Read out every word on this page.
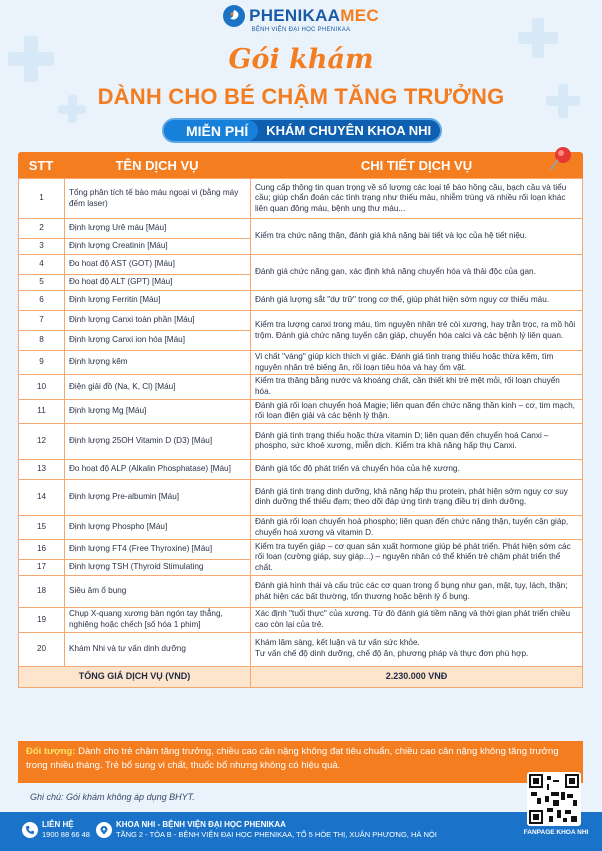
PHENIKAAMEC
BỆNH VIỆN ĐẠI HỌC PHENIKAA
Gói khám
DÀNH CHO BÉ CHẬM TĂNG TRƯỞNG
MIỄN PHÍ	KHÁM CHUYÊN KHOA NHI
STT	TÊN DỊCH VỤ	CHI TIẾT DỊCH VỤ
1	Tổng phân tích tế bào máu ngoại vi (bằng máy đếm laser)	Cung cấp thông tin quan trọng về số lượng các loại tế bào hồng cầu, bạch cầu và tiểu cầu; giúp chẩn đoán các tình trạng như thiếu máu, nhiễm trùng và nhiều rối loạn khác liên quan đông máu, bệnh ung thư máu...
2	Định lượng Urê máu [Máu]	Kiểm tra chức năng thận, đánh giá khả năng bài tiết và lọc của hệ tiết niệu.
3	Định lượng Creatinin [Máu]	
4	Đo hoạt độ AST (GOT) [Máu]	Đánh giá chức năng gan, xác định khả năng chuyển hóa và thải độc của gan.
5	Đo hoạt độ ALT (GPT) [Máu]	
6	Định lượng Ferritin [Máu]	Đánh giá lượng sắt "dự trữ" trong cơ thể, giúp phát hiện sớm nguy cơ thiếu máu.
7	Định lượng Canxi toàn phần [Máu]	Kiểm tra lượng canxi trong máu, tìm nguyên nhân trẻ còi xương, hay trằn trọc, ra mồ hôi trộm. Đánh giá chức năng tuyến cận giáp, chuyển hóa calci và các bệnh lý liên quan.
8	Định lượng Canxi ion hóa [Máu]	
9	Định lượng kẽm	Vi chất "vàng" giúp kích thích vị giác. Đánh giá tình trạng thiếu hoặc thừa kẽm, tìm nguyên nhân trẻ biếng ăn, rối loạn tiêu hóa và hay ốm vặt.
10	Điện giải đồ (Na, K, Cl) [Máu]	Kiểm tra thăng bằng nước và khoáng chất, cần thiết khi trẻ mệt mỏi, rối loạn chuyển hóa.
11	Định lượng Mg [Máu]	Đánh giá rối loạn chuyển hoá Magie; liên quan đến chức năng thần kinh – cơ, tim mạch, rối loạn điện giải và các bệnh lý thận.
12	Định lượng 25OH Vitamin D (D3) [Máu]	Đánh giá tình trạng thiếu hoặc thừa vitamin D; liên quan đến chuyển hoá Canxi – phospho, sức khoẻ xương, miễn dịch. Kiểm tra khả năng hấp thụ Canxi.
13	Đo hoạt độ ALP (Alkalin Phosphatase) [Máu]	Đánh giá tốc độ phát triển và chuyển hóa của hệ xương.
14	Định lượng Pre-albumin [Máu]	Đánh giá tình trạng dinh dưỡng, khả năng hấp thu protein, phát hiện sớm nguy cơ suy dinh dưỡng thể thiếu đạm; theo dõi đáp ứng tình trạng điều trị dinh dưỡng.
15	Định lượng Phospho [Máu]	Đánh giá rối loạn chuyển hoá phospho; liên quan đến chức năng thận, tuyến cận giáp, chuyển hoá xương và vitamin D.
16	Định lượng FT4 (Free Thyroxine) [Máu]	Kiểm tra tuyến giáp – cơ quan sản xuất hormone giúp bé phát triển. Phát hiện sớm các rối loạn (cường giáp, suy giáp...) – nguyên nhân có thể khiến trẻ chậm phát triển thể chất.
17	Định lượng TSH (Thyroid Stimulating	
18	Siêu âm ổ bụng	Đánh giá hình thái và cấu trúc các cơ quan trong ổ bụng như gan, mật, tụy, lách, thận; phát hiện các bất thường, tổn thương hoặc bệnh lý ổ bụng.
19	Chụp X-quang xương bàn ngón tay thẳng, nghiêng hoặc chếch [số hóa 1 phim]	Xác định "tuổi thực" của xương. Từ đó đánh giá tiềm năng và thời gian phát triển chiều cao còn lại của trẻ.
20	Khám Nhi và tư vấn dinh dưỡng	Khám lâm sàng, kết luận và tư vấn sức khỏe.
Tư vấn chế độ dinh dưỡng, chế độ ăn, phương pháp và thực đơn phù hợp.
TỔNG GIÁ DỊCH VỤ (VND)		2.230.000 VNĐ
Đối tượng: Dành cho trẻ chậm tăng trưởng, chiều cao cân nặng không đạt tiêu chuẩn, chiều cao cân nặng không tăng trưởng trong nhiều tháng. Trẻ bổ sung vi chất, thuốc bổ nhưng không có hiệu quả.
Ghi chú: Gói khám không áp dụng BHYT.
LIÊN HỆ
1900 88 66 48
KHOA NHI - BỆNH VIỆN ĐẠI HỌC PHENIKAA
TẦNG 2 - TÒA B - BỆNH VIỆN ĐẠI HỌC PHENIKAA, TỔ 5 HÒE THỊ, XUÂN PHƯƠNG, HÀ NỘI	FANPAGE KHOA NHI
